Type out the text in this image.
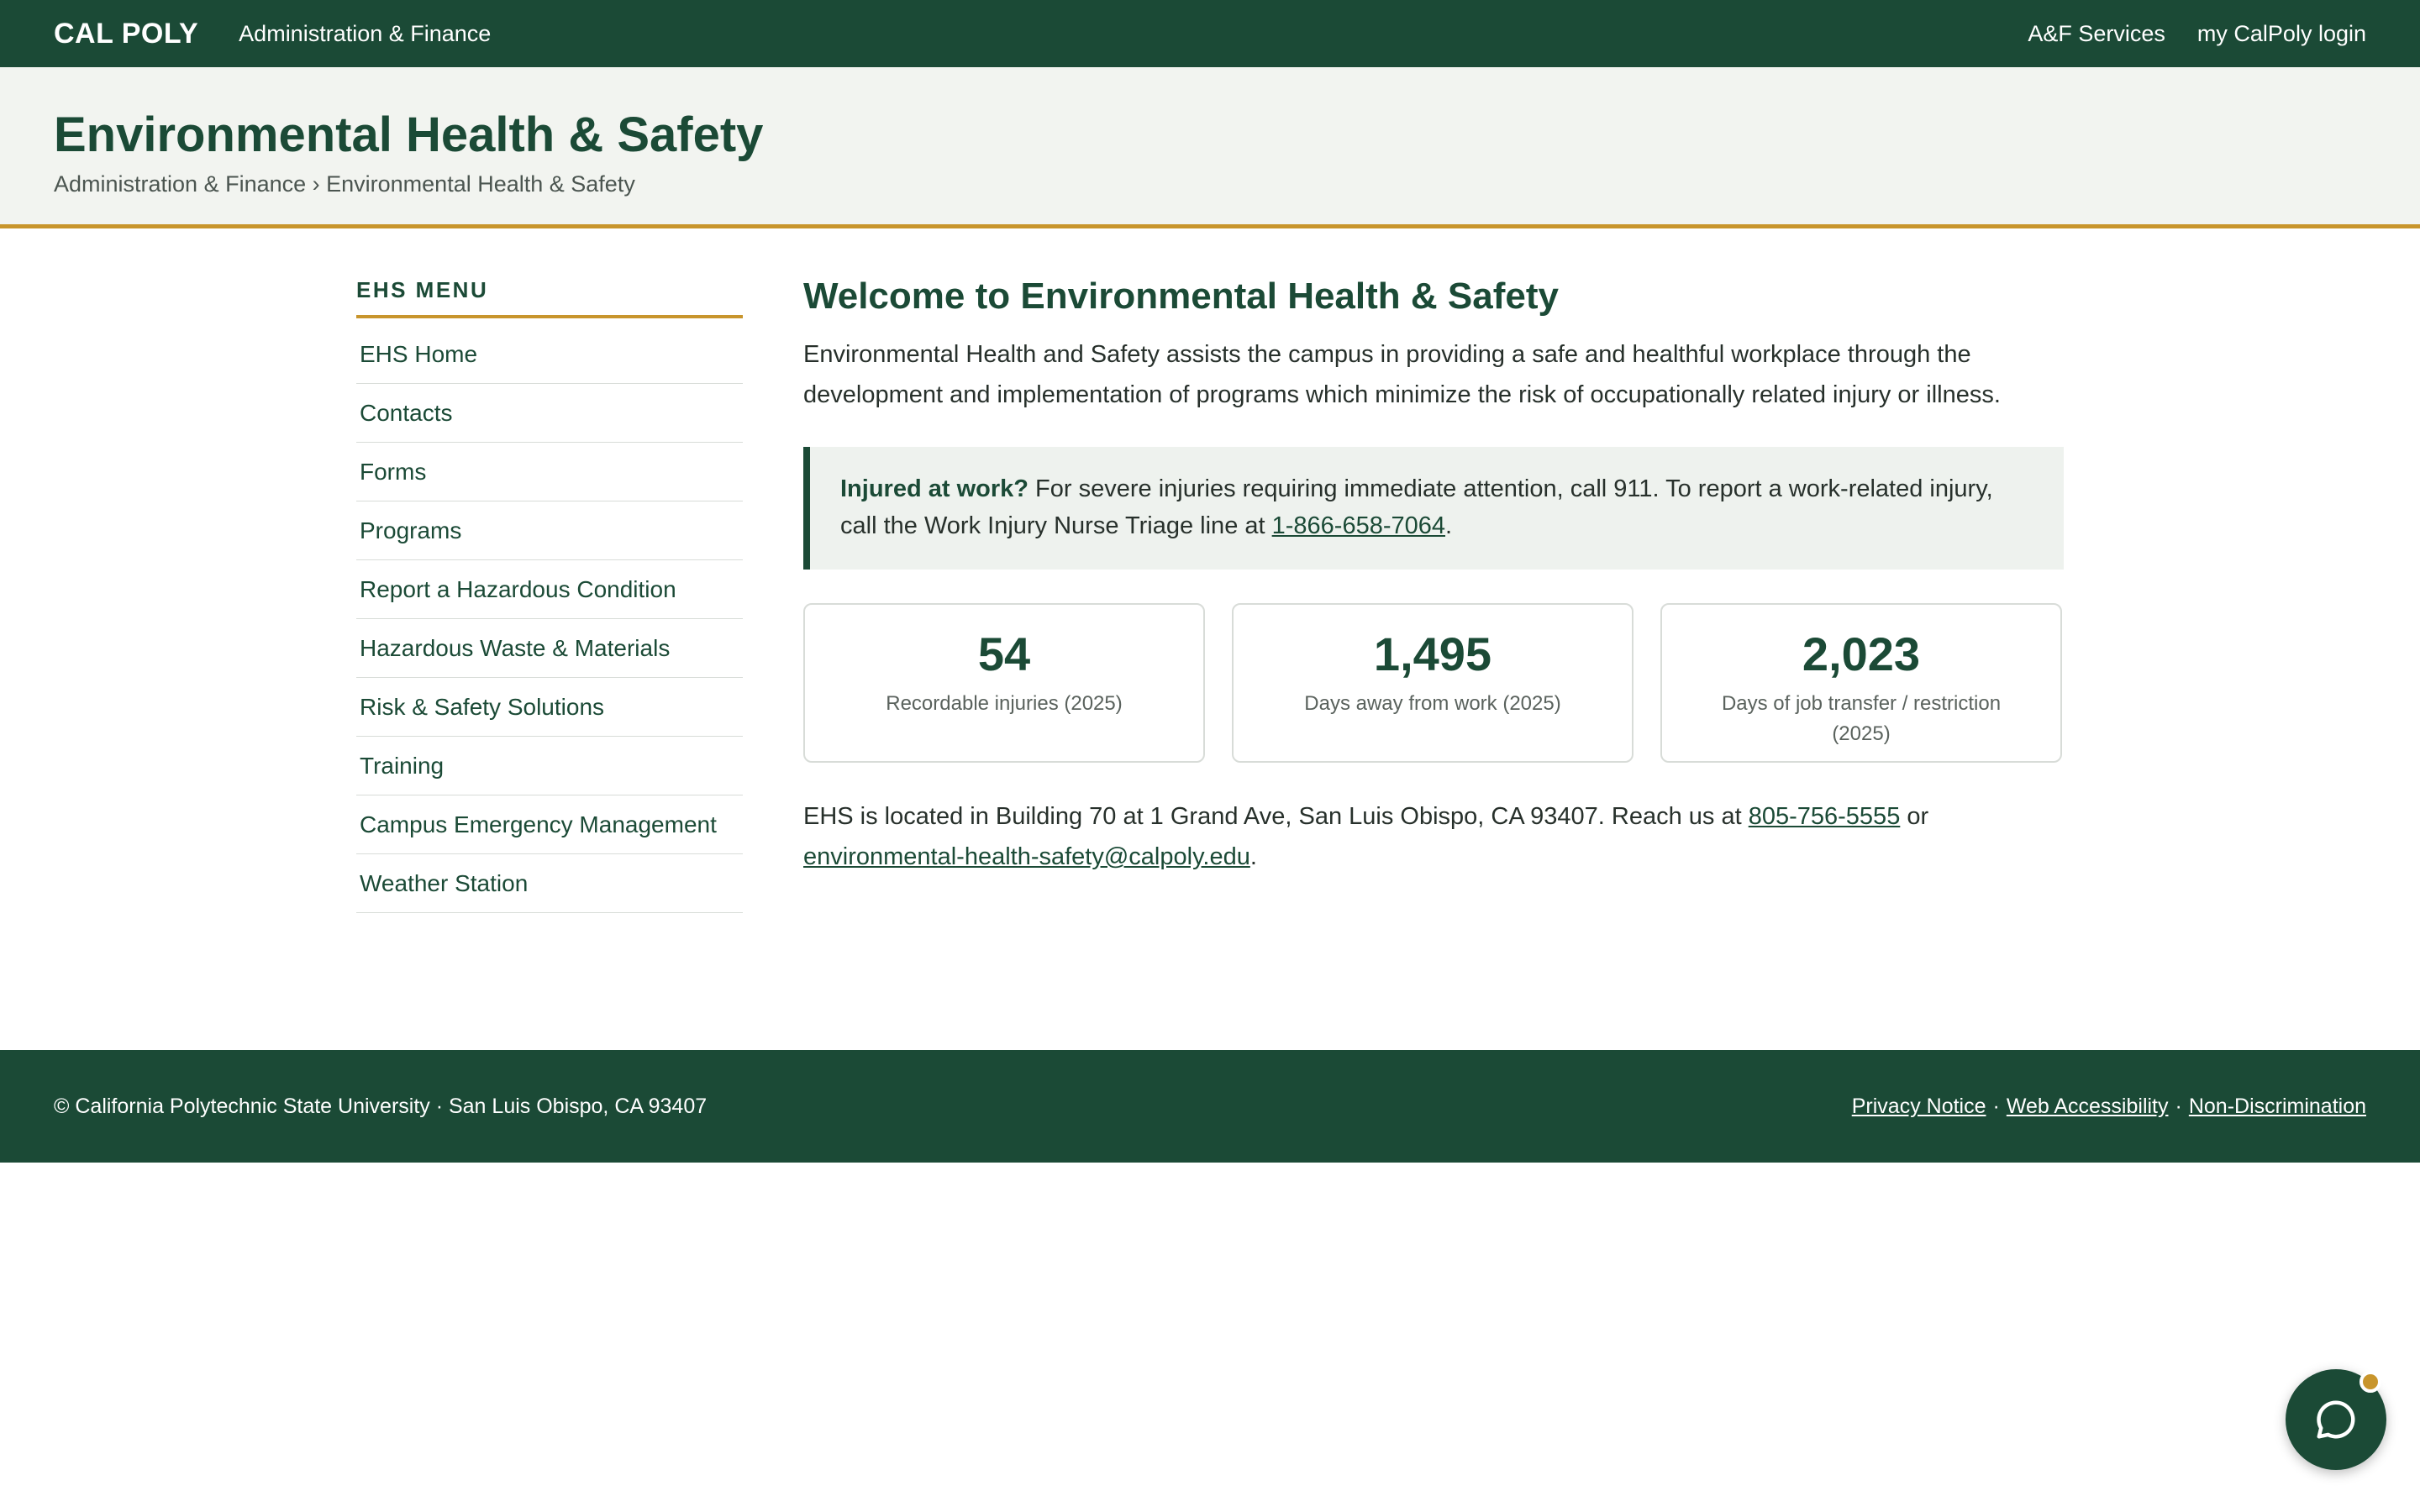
CAL POLY Administration & Finance	A&F Services my CalPoly login
Environmental Health & Safety
Administration & Finance › Environmental Health & Safety
EHS MENU
EHS Home
Contacts
Forms
Programs
Report a Hazardous Condition
Hazardous Waste & Materials
Risk & Safety Solutions
Training
Campus Emergency Management
Weather Station
Welcome to Environmental Health & Safety

Environmental Health and Safety assists the campus in providing a safe and healthful workplace through the development and implementation of programs which minimize the risk of occupationally related injury or illness.

Injured at work? For severe injuries requiring immediate attention, call 911. To report a work-related injury, call the Work Injury Nurse Triage line at 1-866-658-7064.
54
Recordable injuries (2025)
1,495
Days away from work (2025)
2,023
Days of job transfer / restriction (2025)

EHS is located in Building 70 at 1 Grand Ave, San Luis Obispo, CA 93407. Reach us at 805-756-5555 or
environmental-health-safety@calpoly.edu.

© California Polytechnic State University · San Luis Obispo, CA 93407	Privacy Notice · Web Accessibility · Non-Discrimination
